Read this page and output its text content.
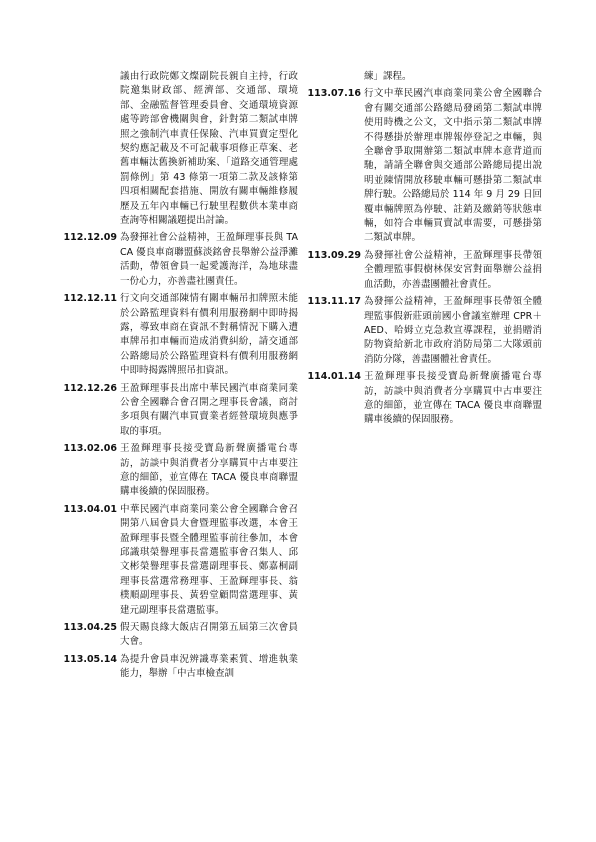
議由行政院鄭文燦副院長親自主持，行政院邀集財政部、經濟部、交通部、環境部、金融監督管理委員會、交通環境資源處等跨部會機關與會，針對第二類試車牌照之強制汽車責任保險、汽車買賣定型化契約應記載及不可記載事項修正草案、老舊車輛汰舊換新補助案、「道路交通管理處罰條例」第 43 條第一項第二款及該條第四項相關配套措施、開放有關車輛維修履歷及五年內車輛已行駛里程數供本業車商查詢等相關議題提出討論。
112.12.09 為發揮社會公益精神，王盈輝理事長與 TACA 優良車商聯盟蘇淡銘會長舉辦公益淨灘活動，帶領會員一起愛護海洋，為地球盡一份心力，亦善盡社團責任。
112.12.11 行文向交通部陳情有關車輛吊扣牌照未能於公路監理資料有價利用服務網中即時揭露，導致車商在資訊不對稱情況下購入遭車牌吊扣車輛而造成消費糾紛，請交通部公路總局於公路監理資料有價利用服務網中即時揭露牌照吊扣資訊。
112.12.26 王盈輝理事長出席中華民國汽車商業同業公會全國聯合會召開之理事長會議，商討多項與有關汽車買賣業者經營環境與應爭取的事項。
113.02.06 王盈輝理事長接受寶島新聲廣播電台專訪，訪談中與消費者分享購買中古車要注意的細節，並宣傳在 TACA 優良車商聯盟購車後續的保固服務。
113.04.01 中華民國汽車商業同業公會全國聯合會召開第八屆會員大會暨理監事改選，本會王盈輝理事長暨全體理監事前往參加，本會邱識琪榮譽理事長當選監事會召集人、邱文彬榮譽理事長當選副理事長、鄭嘉桐副理事長當選常務理事、王盈輝理事長、翁樸順副理事長、黃碧堂顧問當選理事、黃建元副理事長當選監事。
113.04.25 假天賜良緣大飯店召開第五屆第三次會員大會。
113.05.14 為提升會員車況辨識專業素質、增進執業能力，舉辦「中古車檢查訓
練」課程。
113.07.16 行文中華民國汽車商業同業公會全國聯合會有關交通部公路總局發函第二類試車牌使用時機之公文，文中指示第二類試車牌不得懸掛於辦理車牌報停登記之車輛，與全聯會爭取開辦第二類試車牌本意背道而馳，請請全聯會與交通部公路總局提出說明並陳情開放移駛車輛可懸掛第二類試車牌行駛。公路總局於 114 年 9 月 29 日回覆車輛牌照為停駛、註銷及繳銷等狀態車輛，如符合車輛買賣試車需要，可懸掛第二類試車牌。
113.09.29 為發揮社會公益精神，王盈輝理事長帶領全體理監事假樹林保安宮對面舉辦公益捐血活動，亦善盡團體社會責任。
113.11.17 為發揮公益精神，王盈輝理事長帶領全體理監事假新莊頭前國小會議室辦理 CPR＋AED、哈姆立克急救宣導課程，並捐贈消防物資給新北市政府消防局第二大隊頭前消防分隊，善盡團體社會責任。
114.01.14 王盈輝理事長接受寶島新聲廣播電台專訪，訪談中與消費者分享購買中古車要注意的細節，並宣傳在 TACA 優良車商聯盟購車後續的保固服務。
